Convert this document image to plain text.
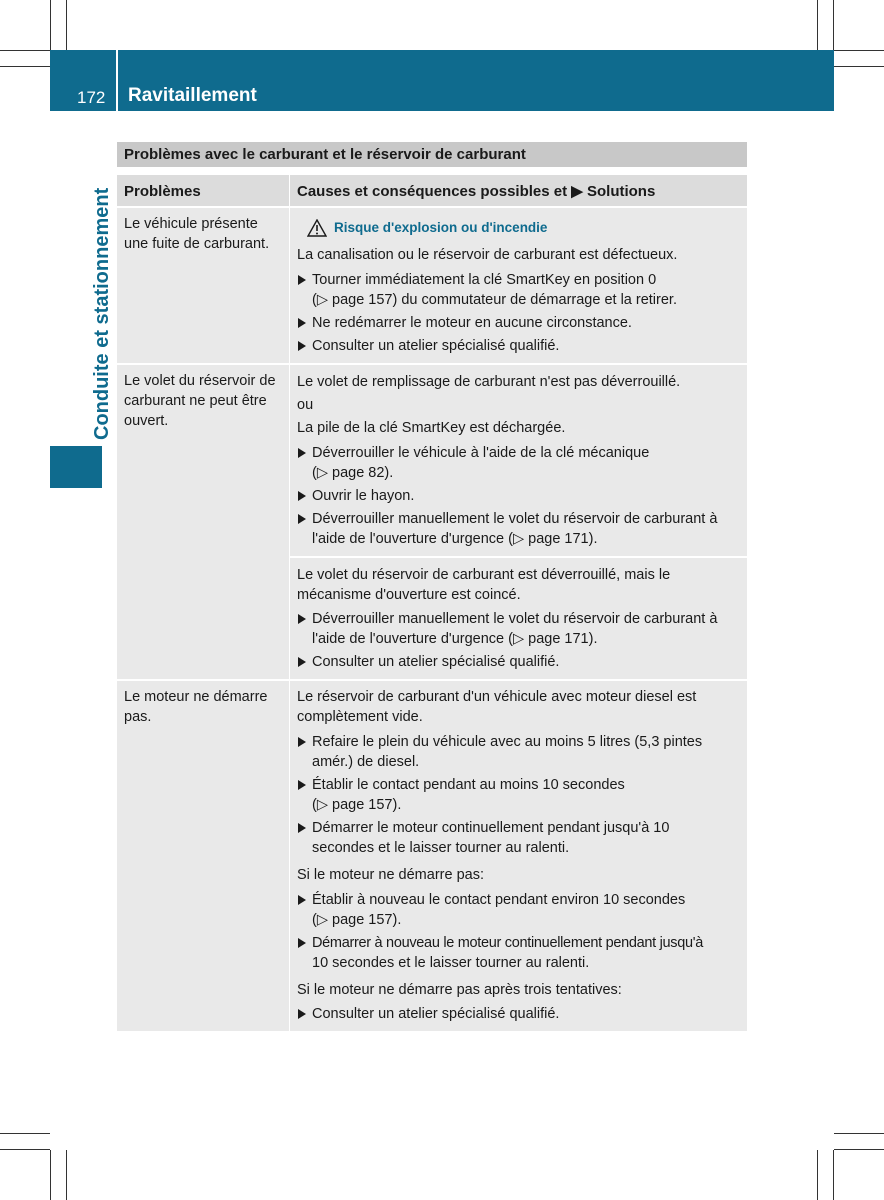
172 Ravitaillement
Conduite et stationnement
Problèmes avec le carburant et le réservoir de carburant
Problèmes	Causes et conséquences possibles et ▶ Solutions
Le véhicule présente
une fuite de carburant.
Risque d'explosion ou d'incendie
La canalisation ou le réservoir de carburant est défectueux.
Tourner immédiatement la clé SmartKey en position 0
(▷ page 157) du commutateur de démarrage et la retirer.
Ne redémarrer le moteur en aucune circonstance.
Consulter un atelier spécialisé qualifié.
Le volet du réservoir de
carburant ne peut être
ouvert.
Le volet de remplissage de carburant n'est pas déverrouillé.
ou
La pile de la clé SmartKey est déchargée.
Déverrouiller le véhicule à l'aide de la clé mécanique
(▷ page 82).
Ouvrir le hayon.
Déverrouiller manuellement le volet du réservoir de carburant à
l'aide de l'ouverture d'urgence (▷ page 171).
Le volet du réservoir de carburant est déverrouillé, mais le
mécanisme d'ouverture est coincé.
Déverrouiller manuellement le volet du réservoir de carburant à
l'aide de l'ouverture d'urgence (▷ page 171).
Consulter un atelier spécialisé qualifié.
Le moteur ne démarre
pas.
Le réservoir de carburant d'un véhicule avec moteur diesel est
complètement vide.
Refaire le plein du véhicule avec au moins 5 litres (5,3 pintes
amér.) de diesel.
Établir le contact pendant au moins 10 secondes
(▷ page 157).
Démarrer le moteur continuellement pendant jusqu'à 10
secondes et le laisser tourner au ralenti.
Si le moteur ne démarre pas:
Établir à nouveau le contact pendant environ 10 secondes
(▷ page 157).
Démarrer à nouveau le moteur continuellement pendant jusqu'à
10 secondes et le laisser tourner au ralenti.
Si le moteur ne démarre pas après trois tentatives:
Consulter un atelier spécialisé qualifié.
